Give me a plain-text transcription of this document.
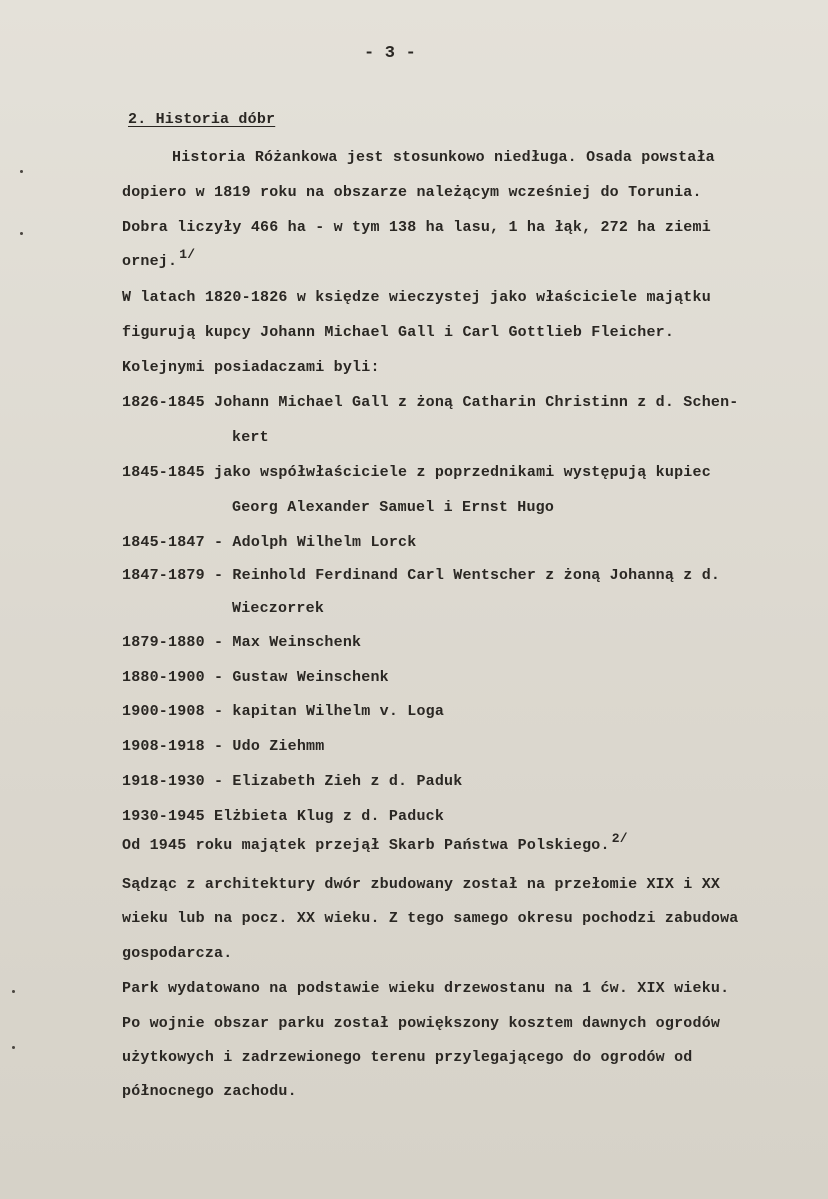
- 3 -
2. Historia dóbr
Historia Różankowa jest stosunkowo niedługa. Osada powstała
dopiero w 1819 roku na obszarze należącym wcześniej do Torunia.
Dobra liczyły 466 ha - w tym 138 ha lasu, 1 ha łąk, 272 ha ziemi
ornej. 1/
W latach 1820-1826 w księdze wieczystej jako właściciele majątku
figurują kupcy Johann Michael Gall i Carl Gottlieb Fleicher.
Kolejnymi posiadaczami byli:
1826-1845 Johann Michael Gall z żoną Catharin Christinn z d. Schen-
kert
1845-1845 jako współwłaściciele z poprzednikami występują kupiec
Georg Alexander Samuel i Ernst Hugo
1845-1847 - Adolph Wilhelm Lorck
1847-1879 - Reinhold Ferdinand Carl Wentscher z żoną Johanną z d.
Wieczorrek
1879-1880 - Max Weinschenk
1880-1900 - Gustaw Weinschenk
1900-1908 - kapitan Wilhelm v. Loga
1908-1918 - Udo Ziehmm
1918-1930 - Elizabeth Zieh z d. Paduk
1930-1945 Elżbieta Klug z d. Paduck
Od 1945 roku majątek przejął Skarb Państwa Polskiego. 2/
Sądząc z architektury dwór zbudowany został na przełomie XIX i XX
wieku lub na pocz. XX wieku. Z tego samego okresu pochodzi zabudowa
gospodarcza.
Park wydatowano na podstawie wieku drzewostanu na 1 ćw. XIX wieku.
Po wojnie obszar parku został powiększony kosztem dawnych ogrodów
użytkowych i zadrzewionego terenu przylegającego do ogrodów od
północnego zachodu.
